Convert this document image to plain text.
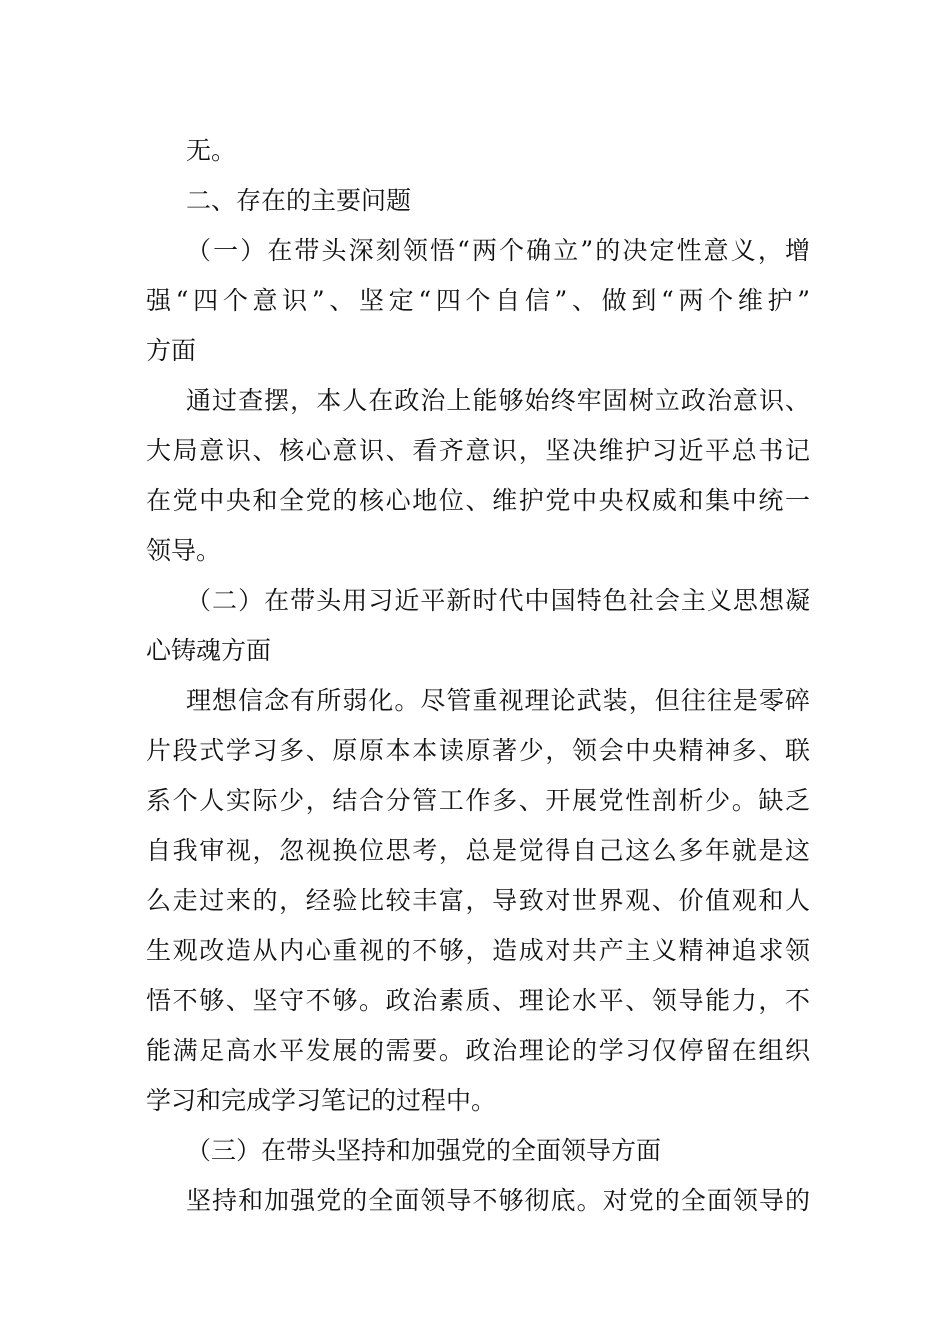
无。
二、存在的主要问题
（一）在带头深刻领悟“两个确立”的决定性意义，增
强“四个意识”、坚定“四个自信”、做到“两个维护”
方面
通过查摆，本人在政治上能够始终牢固树立政治意识、
大局意识、核心意识、看齐意识，坚决维护习近平总书记
在党中央和全党的核心地位、维护党中央权威和集中统一
领导。
（二）在带头用习近平新时代中国特色社会主义思想凝
心铸魂方面
理想信念有所弱化。尽管重视理论武装，但往往是零碎
片段式学习多、原原本本读原著少，领会中央精神多、联
系个人实际少，结合分管工作多、开展党性剖析少。缺乏
自我审视，忽视换位思考，总是觉得自己这么多年就是这
么走过来的，经验比较丰富，导致对世界观、价值观和人
生观改造从内心重视的不够，造成对共产主义精神追求领
悟不够、坚守不够。政治素质、理论水平、领导能力，不
能满足高水平发展的需要。政治理论的学习仅停留在组织
学习和完成学习笔记的过程中。
（三）在带头坚持和加强党的全面领导方面
坚持和加强党的全面领导不够彻底。对党的全面领导的
